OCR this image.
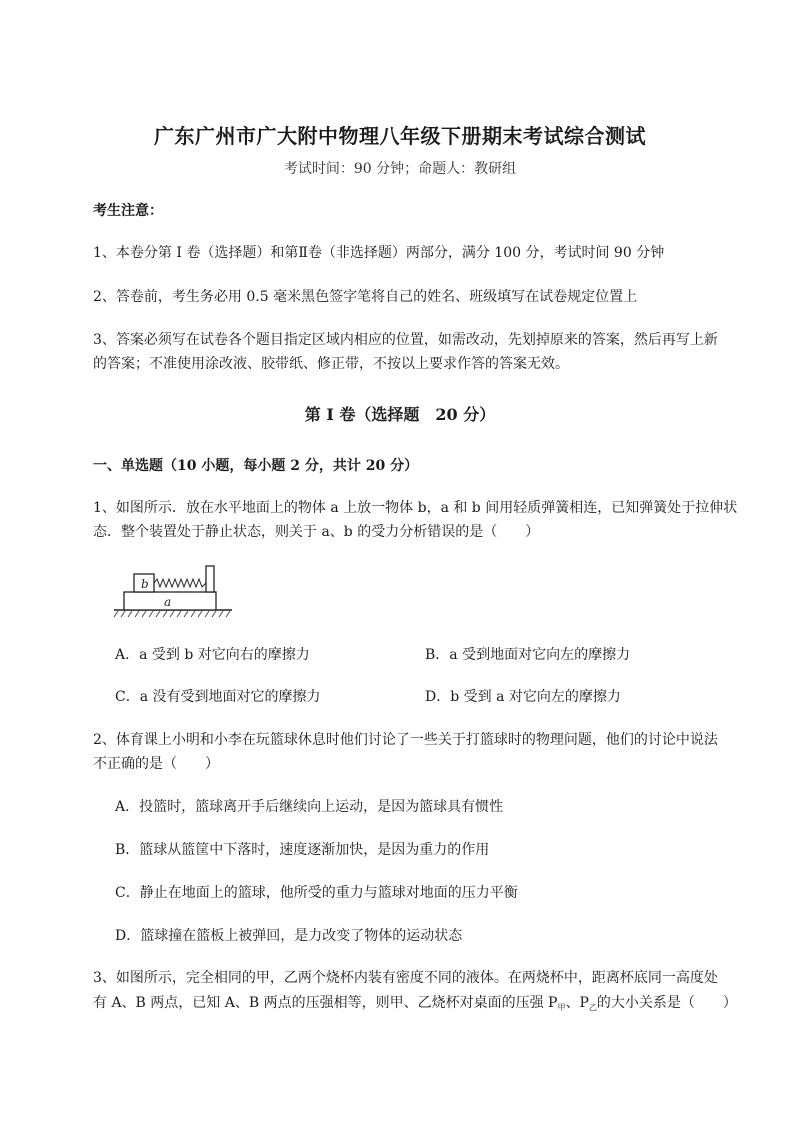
广东广州市广大附中物理八年级下册期末考试综合测试
考试时间：90 分钟；命题人：教研组
考生注意：
1、本卷分第 I 卷（选择题）和第Ⅱ卷（非选择题）两部分，满分 100 分，考试时间 90 分钟
2、答卷前，考生务必用 0.5 毫米黑色签字笔将自己的姓名、班级填写在试卷规定位置上
3、答案必须写在试卷各个题目指定区域内相应的位置，如需改动，先划掉原来的答案，然后再写上新
的答案；不准使用涂改液、胶带纸、修正带，不按以上要求作答的答案无效。
第 I 卷（选择题　20 分）
一、单选题（10 小题，每小题 2 分，共计 20 分）
1、如图所示．放在水平地面上的物体 a 上放一物体 b，a 和 b 间用轻质弹簧相连，已知弹簧处于拉伸状
态．整个装置处于静止状态，则关于 a、b 的受力分析错误的是（　　）
b
a
A．a 受到 b 对它向右的摩擦力	B．a 受到地面对它向左的摩擦力
C．a 没有受到地面对它的摩擦力	D．b 受到 a 对它向左的摩擦力
2、体育课上小明和小李在玩篮球休息时他们讨论了一些关于打篮球时的物理问题，他们的讨论中说法
不正确的是（　　）
A．投篮时，篮球离开手后继续向上运动，是因为篮球具有惯性
B．篮球从篮筐中下落时，速度逐渐加快，是因为重力的作用
C．静止在地面上的篮球，他所受的重力与篮球对地面的压力平衡
D．篮球撞在篮板上被弹回，是力改变了物体的运动状态
3、如图所示，完全相同的甲，乙两个烧杯内装有密度不同的液体。在两烧杯中，距离杯底同一高度处
有 A、B 两点，已知 A、B 两点的压强相等，则甲、乙烧杯对桌面的压强 $P_甲$、$P_乙$的大小关系是（　　）
